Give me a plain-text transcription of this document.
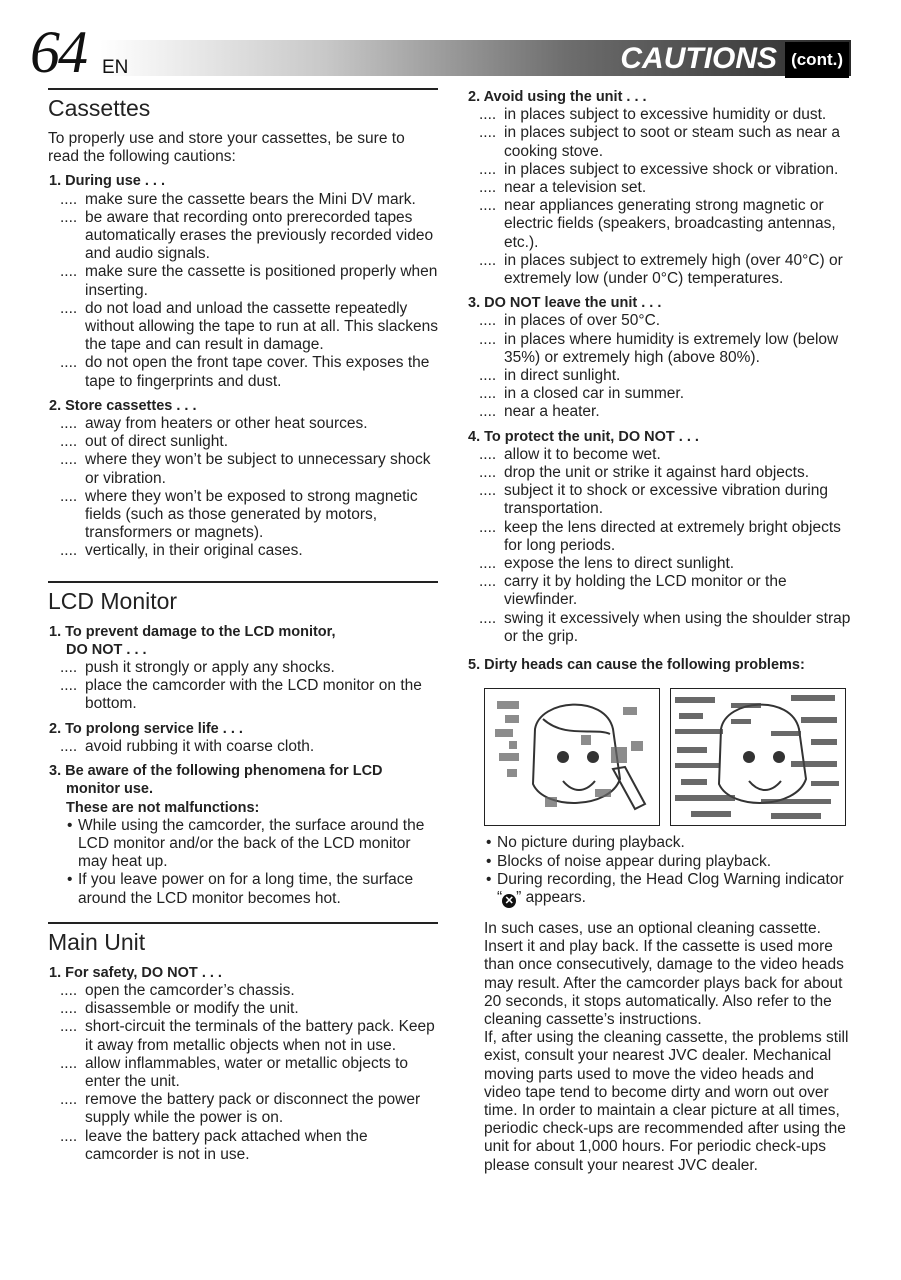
64 EN	CAUTIONS (cont.)
Cassettes
To properly use and store your cassettes, be sure to read the following cautions:
1. During use . . .
.... make sure the cassette bears the Mini DV mark.
.... be aware that recording onto prerecorded tapes automatically erases the previously recorded video and audio signals.
.... make sure the cassette is positioned properly when inserting.
.... do not load and unload the cassette repeatedly without allowing the tape to run at all. This slackens the tape and can result in damage.
.... do not open the front tape cover. This exposes the tape to fingerprints and dust.
2. Store cassettes . . .
.... away from heaters or other heat sources.
.... out of direct sunlight.
.... where they won’t be subject to unnecessary shock or vibration.
.... where they won’t be exposed to strong magnetic fields (such as those generated by motors, transformers or magnets).
.... vertically, in their original cases.
LCD Monitor
1. To prevent damage to the LCD monitor,
DO NOT . . .
.... push it strongly or apply any shocks.
.... place the camcorder with the LCD monitor on the bottom.
2. To prolong service life . . .
.... avoid rubbing it with coarse cloth.
3. Be aware of the following phenomena for LCD
monitor use.
These are not malfunctions:
• While using the camcorder, the surface around the LCD monitor and/or the back of the LCD monitor may heat up.
• If you leave power on for a long time, the surface around the LCD monitor becomes hot.
Main Unit
1. For safety, DO NOT . . .
.... open the camcorder’s chassis.
.... disassemble or modify the unit.
.... short-circuit the terminals of the battery pack. Keep it away from metallic objects when not in use.
.... allow inflammables, water or metallic objects to enter the unit.
.... remove the battery pack or disconnect the power supply while the power is on.
.... leave the battery pack attached when the camcorder is not in use.
2. Avoid using the unit . . .
.... in places subject to excessive humidity or dust.
.... in places subject to soot or steam such as near a cooking stove.
.... in places subject to excessive shock or vibration.
.... near a television set.
.... near appliances generating strong magnetic or electric fields (speakers, broadcasting antennas, etc.).
.... in places subject to extremely high (over 40°C) or extremely low (under 0°C) temperatures.
3. DO NOT leave the unit . . .
.... in places of over 50°C.
.... in places where humidity is extremely low (below 35%) or extremely high (above 80%).
.... in direct sunlight.
.... in a closed car in summer.
.... near a heater.
4. To protect the unit, DO NOT . . .
.... allow it to become wet.
.... drop the unit or strike it against hard objects.
.... subject it to shock or excessive vibration during transportation.
.... keep the lens directed at extremely bright objects for long periods.
.... expose the lens to direct sunlight.
.... carry it by holding the LCD monitor or the viewfinder.
.... swing it excessively when using the shoulder strap or the grip.
5. Dirty heads can cause the following problems:
• No picture during playback.
• Blocks of noise appear during playback.
• During recording, the Head Clog Warning indicator “ ✕ ” appears.
In such cases, use an optional cleaning cassette. Insert it and play back. If the cassette is used more than once consecutively, damage to the video heads may result. After the camcorder plays back for about 20 seconds, it stops automatically. Also refer to the cleaning cassette’s instructions.
If, after using the cleaning cassette, the problems still exist, consult your nearest JVC dealer. Mechanical moving parts used to move the video heads and video tape tend to become dirty and worn out over time. In order to maintain a clear picture at all times, periodic check-ups are recommended after using the unit for about 1,000 hours. For periodic check-ups please consult your nearest JVC dealer.
